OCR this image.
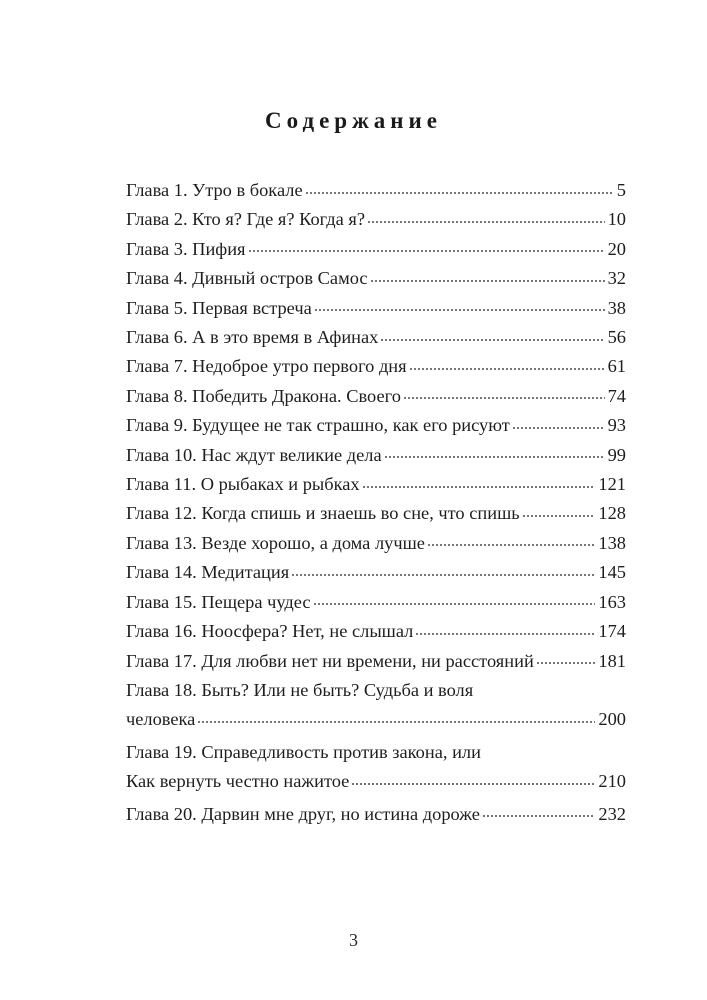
Содержание
Глава 1. Утро в бокале	5
Глава 2. Кто я? Где я? Когда я?	10
Глава 3. Пифия	20
Глава 4. Дивный остров Самос	32
Глава 5. Первая встреча	38
Глава 6. А в это время в Афинах	56
Глава 7. Недоброе утро первого дня	61
Глава 8. Победить Дракона. Своего	74
Глава 9. Будущее не так страшно, как его рисуют	93
Глава 10. Нас ждут великие дела	99
Глава 11. О рыбаках и рыбках	121
Глава 12. Когда спишь и знаешь во сне, что спишь	128
Глава 13. Везде хорошо, а дома лучше	138
Глава 14. Медитация	145
Глава 15. Пещера чудес	163
Глава 16. Ноосфера? Нет, не слышал	174
Глава 17. Для любви нет ни времени, ни расстояний	181
Глава 18. Быть? Или не быть? Судьба и воля
человека	200
Глава 19. Справедливость против закона, или
Как вернуть честно нажитое	210
Глава 20. Дарвин мне друг, но истина дороже	232
3
